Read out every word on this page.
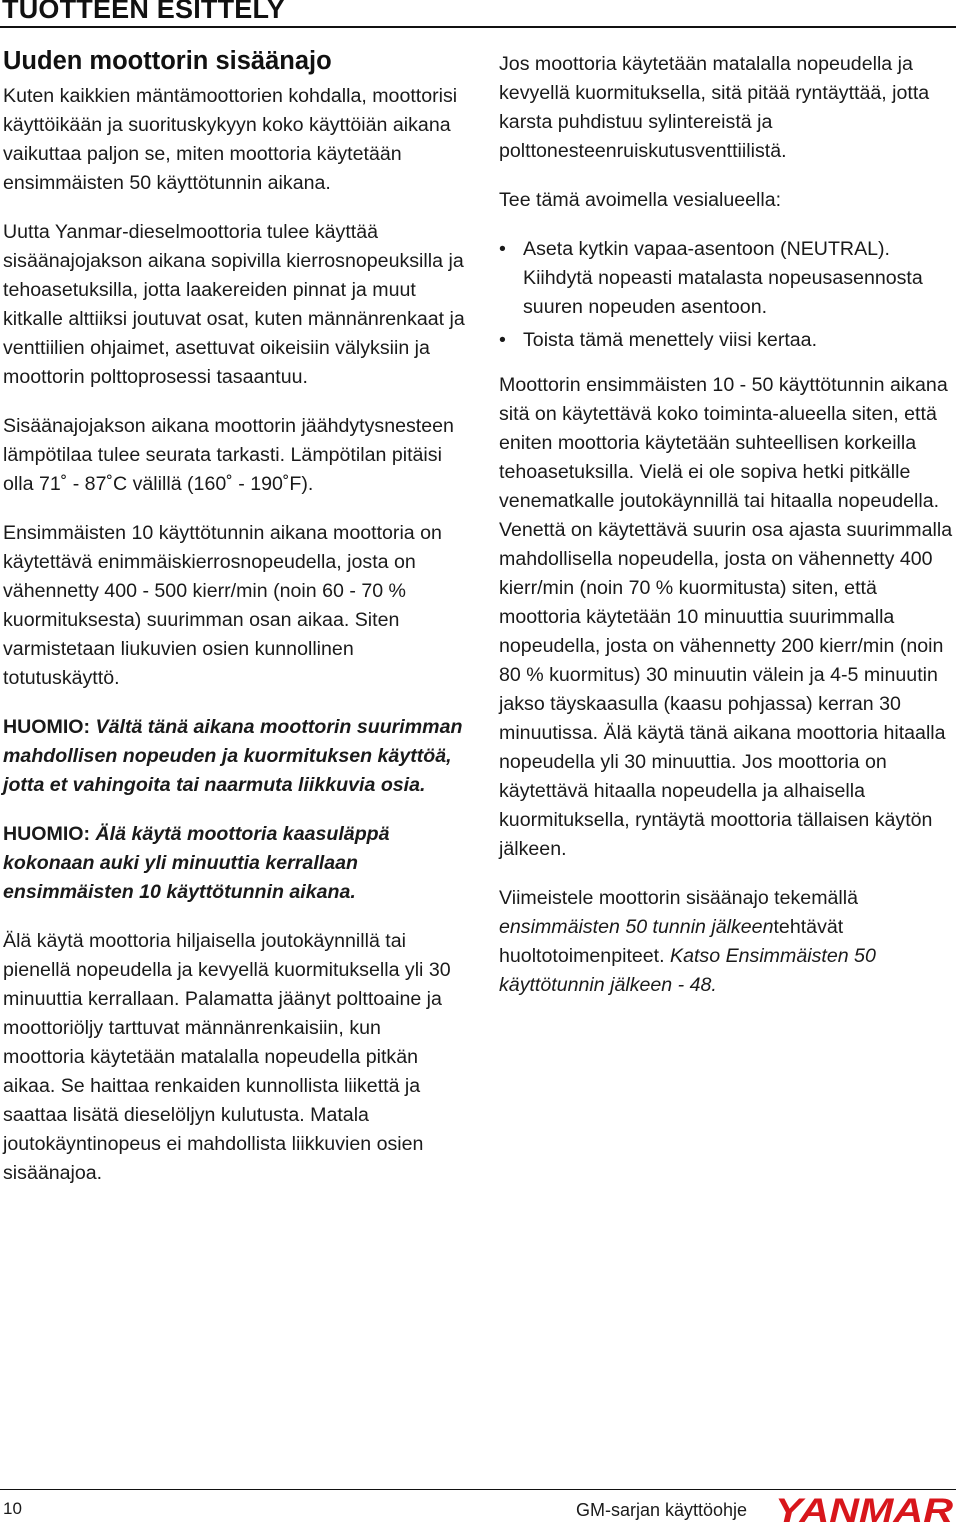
TUOTTEEN ESITTELY
Uuden moottorin sisäänajo

Kuten kaikkien mäntämoottorien kohdalla, moottorisi käyttöikään ja suorituskykyyn koko käyttöiän aikana vaikuttaa paljon se, miten moottoria käytetään ensimmäisten 50 käyttötunnin aikana.

Uutta Yanmar-dieselmoottoria tulee käyttää sisäänajojakson aikana sopivilla kierrosnopeuksilla ja tehoasetuksilla, jotta laakereiden pinnat ja muut kitkalle alttiiksi joutuvat osat, kuten männänrenkaat ja venttiilien ohjaimet, asettuvat oikeisiin välyksiin ja moottorin polttoprosessi tasaantuu.

Sisäänajojakson aikana moottorin jäähdytysnesteen lämpötilaa tulee seurata tarkasti. Lämpötilan pitäisi olla 71˚ - 87˚C välillä (160˚ - 190˚F).

Ensimmäisten 10 käyttötunnin aikana moottoria on käytettävä enimmäiskierrosnopeudella, josta on vähennetty 400 - 500 kierr/min (noin 60 - 70 % kuormituksesta) suurimman osan aikaa. Siten varmistetaan liukuvien osien kunnollinen totutuskäyttö.

HUOMIO: Vältä tänä aikana moottorin suurimman mahdollisen nopeuden ja kuormituksen käyttöä, jotta et vahingoita tai naarmuta liikkuvia osia.

HUOMIO: Älä käytä moottoria kaasuläppä kokonaan auki yli minuuttia kerrallaan ensimmäisten 10 käyttötunnin aikana.

Älä käytä moottoria hiljaisella joutokäynnillä tai pienellä nopeudella ja kevyellä kuormituksella yli 30 minuuttia kerrallaan. Palamatta jäänyt polttoaine ja moottoriöljy tarttuvat männänrenkaisiin, kun moottoria käytetään matalalla nopeudella pitkän aikaa. Se haittaa renkaiden kunnollista liikettä ja saattaa lisätä dieselöljyn kulutusta. Matala joutokäyntinopeus ei mahdollista liikkuvien osien sisäänajoa.

Jos moottoria käytetään matalalla nopeudella ja kevyellä kuormituksella, sitä pitää ryntäyttää, jotta karsta puhdistuu sylintereistä ja polttonesteenruiskutusventtiilistä.

Tee tämä avoimella vesialueella:

• Aseta kytkin vapaa-asentoon (NEUTRAL). Kiihdytä nopeasti matalasta nopeusasennosta suuren nopeuden asentoon.
• Toista tämä menettely viisi kertaa.

Moottorin ensimmäisten 10 - 50 käyttötunnin aikana sitä on käytettävä koko toiminta-alueella siten, että eniten moottoria käytetään suhteellisen korkeilla tehoasetuksilla. Vielä ei ole sopiva hetki pitkälle venematkalle joutokäynnillä tai hitaalla nopeudella. Venettä on käytettävä suurin osa ajasta suurimmalla mahdollisella nopeudella, josta on vähennetty 400 kierr/min (noin 70 % kuormitusta) siten, että moottoria käytetään 10 minuuttia suurimmalla nopeudella, josta on vähennetty 200 kierr/min (noin 80 % kuormitus) 30 minuutin välein ja 4-5 minuutin jakso täyskaasulla (kaasu pohjassa) kerran 30 minuutissa. Älä käytä tänä aikana moottoria hitaalla nopeudella yli 30 minuuttia. Jos moottoria on käytettävä hitaalla nopeudella ja alhaisella kuormituksella, ryntäytä moottoria tällaisen käytön jälkeen.

Viimeistele moottorin sisäänajo tekemällä ensimmäisten 50 tunnin jälkeentehtävät huoltotoimenpiteet. Katso Ensimmäisten 50 käyttötunnin jälkeen - 48.

10	GM-sarjan käyttöohje YANMAR
